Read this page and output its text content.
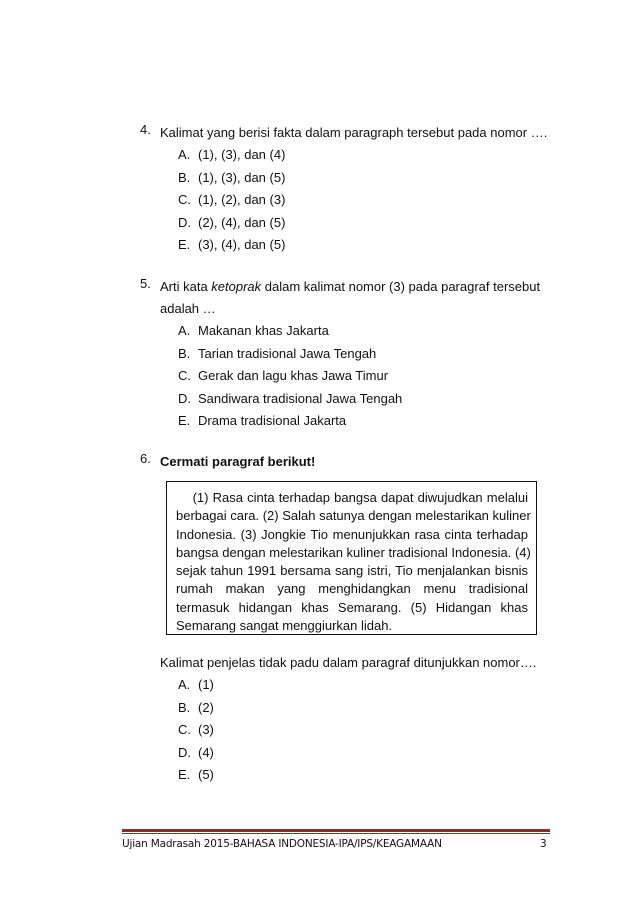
4. Kalimat yang berisi fakta dalam paragraph tersebut pada nomor ….
A. (1), (3), dan (4)
B. (1), (3), dan (5)
C. (1), (2), dan (3)
D. (2), (4), dan (5)
E. (3), (4), dan (5)
5. Arti kata ketoprak dalam kalimat nomor (3) pada paragraf tersebut
adalah …
A. Makanan khas Jakarta
B. Tarian tradisional Jawa Tengah
C. Gerak dan lagu khas Jawa Timur
D. Sandiwara tradisional Jawa Tengah
E. Drama tradisional Jakarta
6. Cermati paragraf berikut!
(1) Rasa cinta terhadap bangsa dapat diwujudkan melalui
berbagai cara. (2) Salah satunya dengan melestarikan kuliner
Indonesia. (3) Jongkie Tio menunjukkan rasa cinta terhadap
bangsa dengan melestarikan kuliner tradisional Indonesia. (4)
sejak tahun 1991 bersama sang istri, Tio menjalankan bisnis
rumah makan yang menghidangkan menu tradisional
termasuk hidangan khas Semarang. (5) Hidangan khas
Semarang sangat menggiurkan lidah.
Kalimat penjelas tidak padu dalam paragraf ditunjukkan nomor….
A. (1)
B. (2)
C. (3)
D. (4)
E. (5)
Ujian Madrasah 2015-BAHASA INDONESIA-IPA/IPS/KEAGAMAAN	3
